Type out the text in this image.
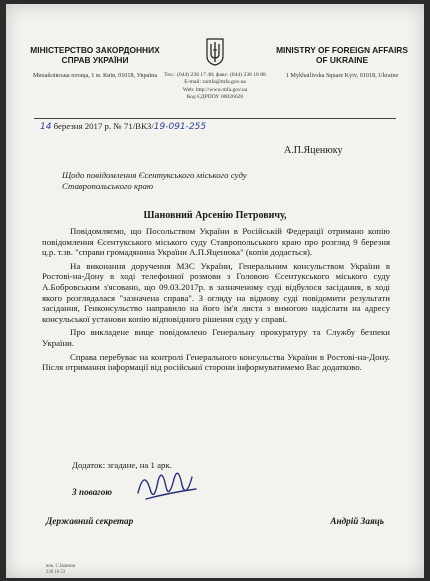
МІНІСТЕРСТВО ЗАКОРДОННИХ СПРАВ УКРАЇНИ
Михайлівська площа, 1 м. Київ, 01018, Україна
MINISTRY OF FOREIGN AFFAIRS OF UKRAINE
1 Mykhailivska Square Kyiv, 01018, Ukraine
Тел.: (044) 238 17 48; факс: (044) 238 18 88
E-mail: zsmfa@mfa.gov.ua
Web: http://www.mfa.gov.ua
Код ЄДРПОУ 00026620
14 березня 2017 р. № 71/ВКЗ/19-091-255
А.П.Яценюку
Щодо повідомлення Єсентукського міського суду Ставропольського краю
Шановний Арсенію Петровичу,

Повідомляємо, що Посольством України в Російській Федерації отримано копію повідомлення Єсентукського міського суду Ставропольського краю про розгляд 9 березня ц.р. т.зв. "справи громадянина України А.П.Яценюка" (копія додається).

На виконання доручення МЗС України, Генеральним консульством України в Ростові-на-Дону в ході телефонної розмови з Головою Єсентукського міського суду А.Бобровським з'ясовано, що 09.03.2017р. в зазначеному суді відбулося засідання, в ході якого розглядалася "зазначена справа". З огляду на відмову суді повідомити результати засідання, Генконсульство направило на його ім'я листа з вимогою надіслати на адресу консульської установи копію відповідного рішення суду у справі.

Про викладене вище повідомлено Генеральну прокуратуру та Службу безпеки України.

Справа перебуває на контролі Генерального консульства України в Ростові-на-Дону. Після отримання інформації від російської сторони інформуватимемо Вас додатково.

Додаток: згадане, на 1 арк.
З повагою
Державний секретар	Андрій Заяць
вик. С.Іванков
238 18 53
